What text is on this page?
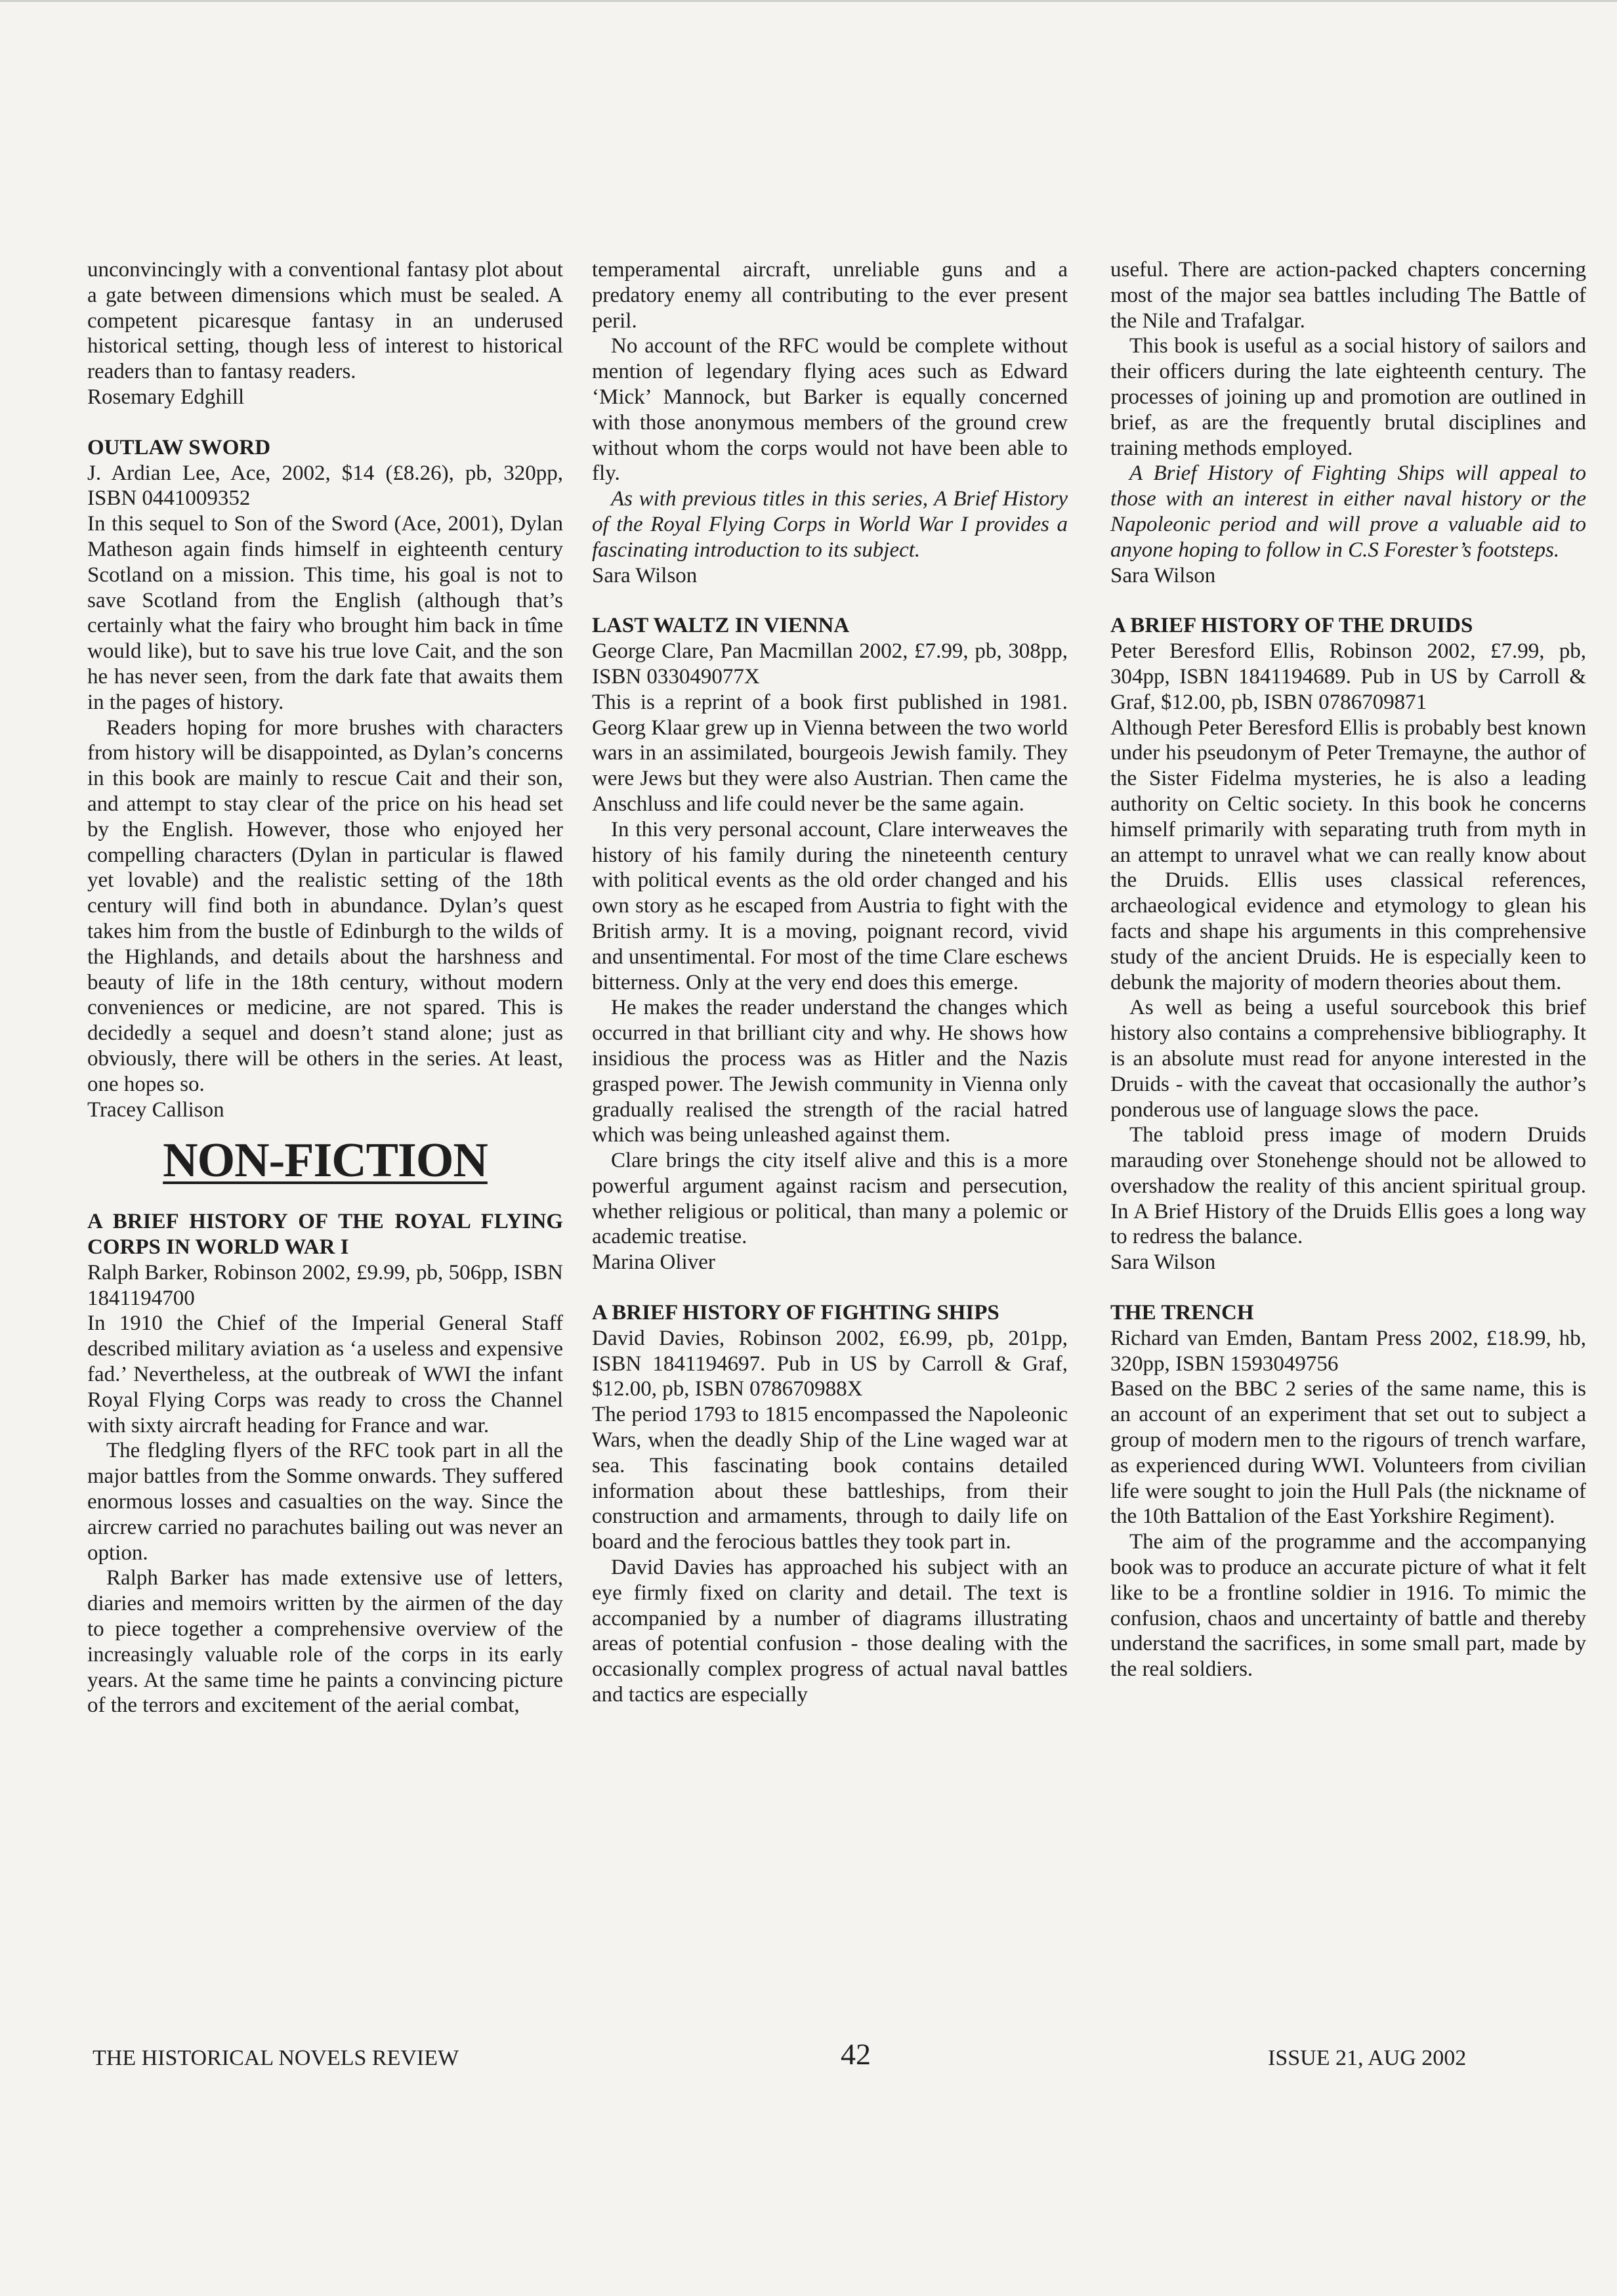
unconvincingly with a conventional fantasy plot about a gate between dimensions which must be sealed. A competent picaresque fantasy in an underused historical setting, though less of interest to historical readers than to fantasy readers.

Rosemary Edghill

OUTLAW SWORD

J. Ardian Lee, Ace, 2002, $14 (£8.26), pb, 320pp, ISBN 0441009352

In this sequel to Son of the Sword (Ace, 2001), Dylan Matheson again finds himself in eighteenth century Scotland on a mission. This time, his goal is not to save Scotland from the English (although that’s certainly what the fairy who brought him back in tîme would like), but to save his true love Cait, and the son he has never seen, from the dark fate that awaits them in the pages of history.

Readers hoping for more brushes with characters from history will be disappointed, as Dylan’s concerns in this book are mainly to rescue Cait and their son, and attempt to stay clear of the price on his head set by the English. However, those who enjoyed her compelling characters (Dylan in particular is flawed yet lovable) and the realistic setting of the 18th century will find both in abundance. Dylan’s quest takes him from the bustle of Edinburgh to the wilds of the Highlands, and details about the harshness and beauty of life in the 18th century, without modern conveniences or medicine, are not spared. This is decidedly a sequel and doesn’t stand alone; just as obviously, there will be others in the series. At least, one hopes so.

Tracey Callison

NON-FICTION
A BRIEF HISTORY OF THE ROYAL FLYING CORPS IN WORLD WAR I

Ralph Barker, Robinson 2002, £9.99, pb, 506pp, ISBN 1841194700

In 1910 the Chief of the Imperial General Staff described military aviation as ‘a useless and expensive fad.’ Nevertheless, at the outbreak of WWI the infant Royal Flying Corps was ready to cross the Channel with sixty aircraft heading for France and war.

The fledgling flyers of the RFC took part in all the major battles from the Somme onwards. They suffered enormous losses and casualties on the way. Since the aircrew carried no parachutes bailing out was never an option.

Ralph Barker has made extensive use of letters, diaries and memoirs written by the airmen of the day to piece together a comprehensive overview of the increasingly valuable role of the corps in its early years. At the same time he paints a convincing picture of the terrors and excitement of the aerial combat,

temperamental aircraft, unreliable guns and a predatory enemy all contributing to the ever present peril.

No account of the RFC would be complete without mention of legendary flying aces such as Edward ‘Mick’ Mannock, but Barker is equally concerned with those anonymous members of the ground crew without whom the corps would not have been able to fly.

As with previous titles in this series, A Brief History of the Royal Flying Corps in World War I provides a fascinating introduction to its subject.

Sara Wilson

LAST WALTZ IN VIENNA

George Clare, Pan Macmillan 2002, £7.99, pb, 308pp, ISBN 033049077X

This is a reprint of a book first published in 1981. Georg Klaar grew up in Vienna between the two world wars in an assimilated, bourgeois Jewish family. They were Jews but they were also Austrian. Then came the Anschluss and life could never be the same again.

In this very personal account, Clare interweaves the history of his family during the nineteenth century with political events as the old order changed and his own story as he escaped from Austria to fight with the British army. It is a moving, poignant record, vivid and unsentimental. For most of the time Clare eschews bitterness. Only at the very end does this emerge.

He makes the reader understand the changes which occurred in that brilliant city and why. He shows how insidious the process was as Hitler and the Nazis grasped power. The Jewish community in Vienna only gradually realised the strength of the racial hatred which was being unleashed against them.

Clare brings the city itself alive and this is a more powerful argument against racism and persecution, whether religious or political, than many a polemic or academic treatise.

Marina Oliver

A BRIEF HISTORY OF FIGHTING SHIPS

David Davies, Robinson 2002, £6.99, pb, 201pp, ISBN 1841194697. Pub in US by Carroll & Graf, $12.00, pb, ISBN 078670988X

The period 1793 to 1815 encompassed the Napoleonic Wars, when the deadly Ship of the Line waged war at sea. This fascinating book contains detailed information about these battleships, from their construction and armaments, through to daily life on board and the ferocious battles they took part in.

David Davies has approached his subject with an eye firmly fixed on clarity and detail. The text is accompanied by a number of diagrams illustrating areas of potential confusion - those dealing with the occasionally complex progress of actual naval battles and tactics are especially

useful. There are action-packed chapters concerning most of the major sea battles including The Battle of the Nile and Trafalgar.

This book is useful as a social history of sailors and their officers during the late eighteenth century. The processes of joining up and promotion are outlined in brief, as are the frequently brutal disciplines and training methods employed.

A Brief History of Fighting Ships will appeal to those with an interest in either naval history or the Napoleonic period and will prove a valuable aid to anyone hoping to follow in C.S Forester’s footsteps.

Sara Wilson

A BRIEF HISTORY OF THE DRUIDS

Peter Beresford Ellis, Robinson 2002, £7.99, pb, 304pp, ISBN 1841194689. Pub in US by Carroll & Graf, $12.00, pb, ISBN 0786709871

Although Peter Beresford Ellis is probably best known under his pseudonym of Peter Tremayne, the author of the Sister Fidelma mysteries, he is also a leading authority on Celtic society. In this book he concerns himself primarily with separating truth from myth in an attempt to unravel what we can really know about the Druids. Ellis uses classical references, archaeological evidence and etymology to glean his facts and shape his arguments in this comprehensive study of the ancient Druids. He is especially keen to debunk the majority of modern theories about them.

As well as being a useful sourcebook this brief history also contains a comprehensive bibliography. It is an absolute must read for anyone interested in the Druids - with the caveat that occasionally the author’s ponderous use of language slows the pace.

The tabloid press image of modern Druids marauding over Stonehenge should not be allowed to overshadow the reality of this ancient spiritual group. In A Brief History of the Druids Ellis goes a long way to redress the balance.

Sara Wilson

THE TRENCH

Richard van Emden, Bantam Press 2002, £18.99, hb, 320pp, ISBN 1593049756

Based on the BBC 2 series of the same name, this is an account of an experiment that set out to subject a group of modern men to the rigours of trench warfare, as experienced during WWI. Volunteers from civilian life were sought to join the Hull Pals (the nickname of the 10th Battalion of the East Yorkshire Regiment).

The aim of the programme and the accompanying book was to produce an accurate picture of what it felt like to be a frontline soldier in 1916. To mimic the confusion, chaos and uncertainty of battle and thereby understand the sacrifices, in some small part, made by the real soldiers.

THE HISTORICAL NOVELS REVIEW	42	ISSUE 21, AUG 2002
